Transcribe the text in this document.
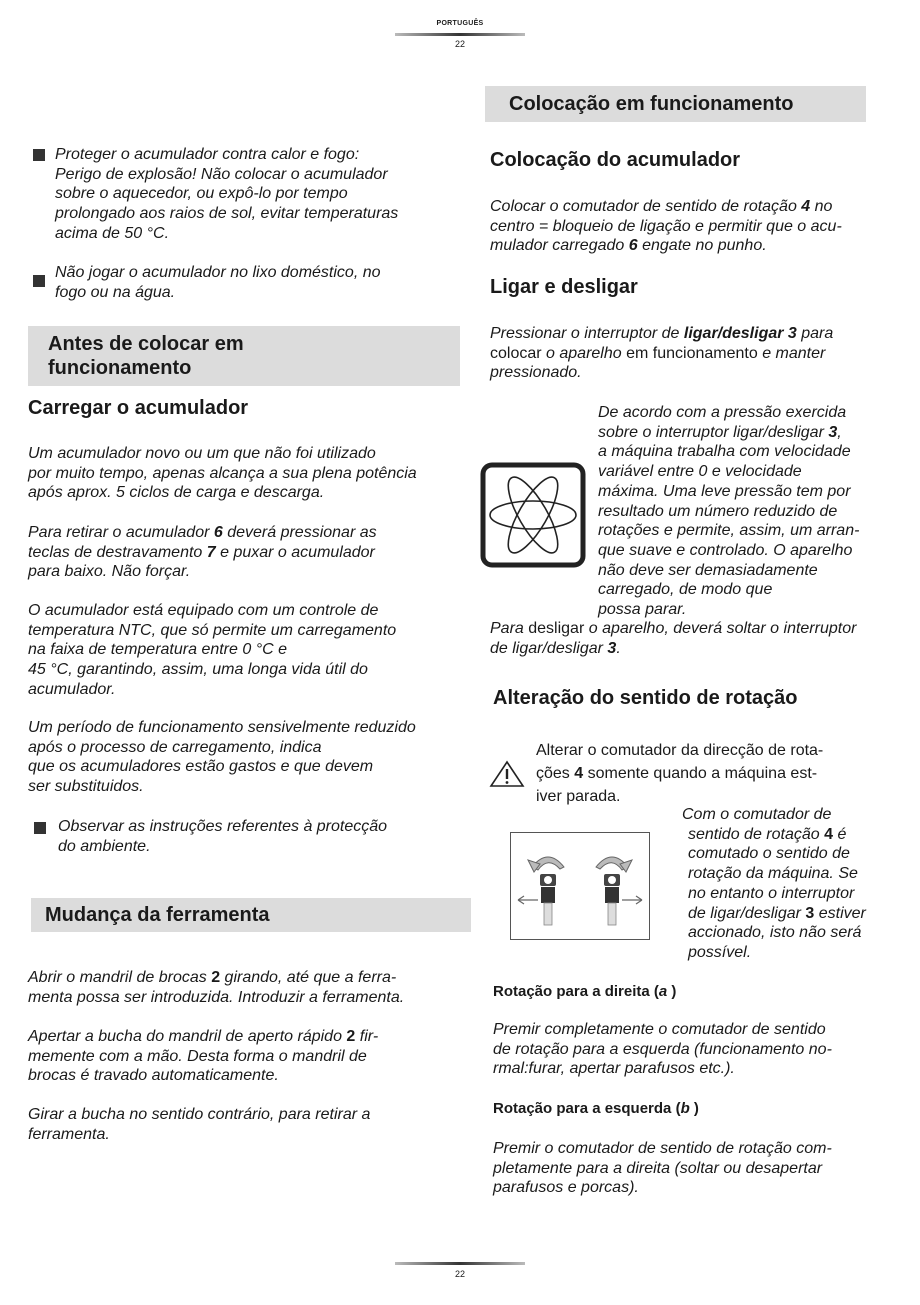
PORTUGUÊS
22
Proteger o acumulador contra calor e fogo:
Perigo de explosão! Não colocar o acumulador
sobre o aquecedor, ou expô-lo por tempo
prolongado aos raios de sol, evitar temperaturas
acima de 50 °C.
Não jogar o acumulador no lixo doméstico, no
fogo ou na água.
Antes de colocar em
funcionamento
Carregar o acumulador
Um acumulador novo ou um que não foi utilizado
por muito tempo, apenas alcança a sua plena potência
após aprox. 5 ciclos de carga e descarga.
Para retirar o acumulador 6 deverá pressionar as
teclas de destravamento 7 e puxar o acumulador
para baixo. Não forçar.
O acumulador está equipado com um controle de
temperatura NTC, que só permite um carregamento
na faixa de temperatura entre 0 °C e
45 °C, garantindo, assim, uma longa vida útil do
acumulador.
Um período de funcionamento sensivelmente reduzido
após o processo de carregamento, indica
que os acumuladores estão gastos e que devem
ser substituidos.
Observar as instruções referentes à protecção
do ambiente.
Mudança da ferramenta
Abrir o mandril de brocas 2 girando, até que a ferra-
menta possa ser introduzida. Introduzir a ferramenta.
Apertar a bucha do mandril de aperto rápido 2 fir-
memente com a mão. Desta forma o mandril de
brocas é travado automaticamente.
Girar a bucha no sentido contrário, para retirar a
ferramenta.
Colocação em funcionamento
Colocação do acumulador
Colocar o comutador de sentido de rotação 4 no
centro = bloqueio de ligação e permitir que o acu-
mulador carregado 6 engate no punho.
Ligar e desligar
Pressionar o interruptor de ligar/desligar 3 para
colocar o aparelho em funcionamento e manter
pressionado.
De acordo com a pressão exercida
sobre o interruptor ligar/desligar 3,
a máquina trabalha com velocidade
variável entre 0 e velocidade
máxima. Uma leve pressão tem por
resultado um número reduzido de
rotações e permite, assim, um arran-
que suave e controlado. O aparelho
não deve ser demasiadamente
carregado, de modo que
possa parar.
Para desligar o aparelho, deverá soltar o interruptor
de ligar/desligar 3.
Alteração do sentido de rotação
Alterar o comutador da direcção de rota-
ções 4 somente quando a máquina est-
iver parada.
Com o comutador de
sentido de rotação 4 é
comutado o sentido de
rotação da máquina. Se
no entanto o interruptor
de ligar/desligar 3 estiver
accionado, isto não será
possível.
Rotação para a direita (a )
Premir completamente o comutador de sentido
de rotação para a esquerda (funcionamento no-
rmal:furar, apertar parafusos etc.).
Rotação para a esquerda (b )
Premir o comutador de sentido de rotação com-
pletamente para a direita (soltar ou desapertar
parafusos e porcas).
22
